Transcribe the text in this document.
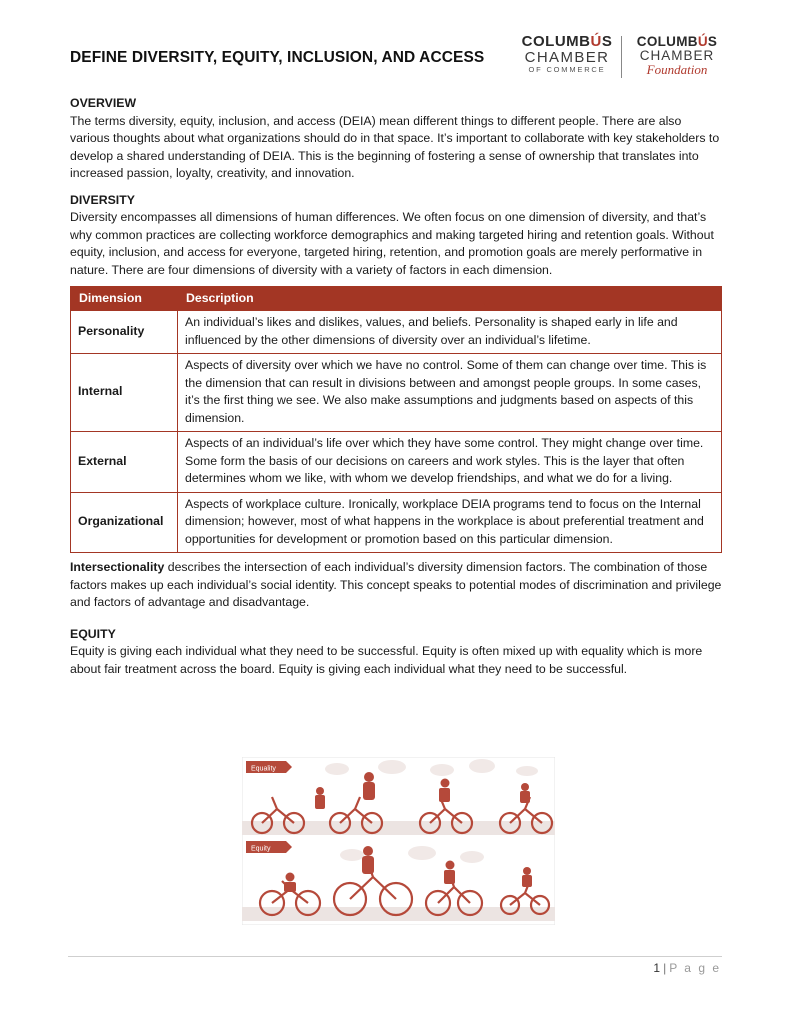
DEFINE DIVERSITY, EQUITY, INCLUSION, AND ACCESS
COLUMBÚS
CHAMBER
OF COMMERCE
COLUMBÚS
CHAMBER
Foundation

OVERVIEW

The terms diversity, equity, inclusion, and access (DEIA) mean different things to different people. There are also various thoughts about what organizations should do in that space. It’s important to collaborate with key stakeholders to develop a shared understanding of DEIA. This is the beginning of fostering a sense of ownership that translates into increased passion, loyalty, creativity, and innovation.

DIVERSITY

Diversity encompasses all dimensions of human differences. We often focus on one dimension of diversity, and that’s why common practices are collecting workforce demographics and making targeted hiring and retention goals. Without equity, inclusion, and access for everyone, targeted hiring, retention, and promotion goals are merely performative in nature. There are four dimensions of diversity with a variety of factors in each dimension.

Dimension	Description
Personality	An individual’s likes and dislikes, values, and beliefs. Personality is shaped early in life and influenced by the other dimensions of diversity over an individual’s lifetime.
Internal	Aspects of diversity over which we have no control. Some of them can change over time. This is the dimension that can result in divisions between and amongst people groups. In some cases, it’s the first thing we see. We also make assumptions and judgments based on aspects of this dimension.
External	Aspects of an individual’s life over which they have some control. They might change over time. Some form the basis of our decisions on careers and work styles. This is the layer that often determines whom we like, with whom we develop friendships, and what we do for a living.
Organizational	Aspects of workplace culture. Ironically, workplace DEIA programs tend to focus on the Internal dimension; however, most of what happens in the workplace is about preferential treatment and opportunities for development or promotion based on this particular dimension.

Intersectionality describes the intersection of each individual’s diversity dimension factors. The combination of those factors makes up each individual’s social identity. This concept speaks to potential modes of discrimination and privilege and factors of advantage and disadvantage.

EQUITY

Equity is giving each individual what they need to be successful. Equity is often mixed up with equality which is more about fair treatment across the board. Equity is giving each individual what they need to be successful.

Equality
Equity
1 | P a g e
